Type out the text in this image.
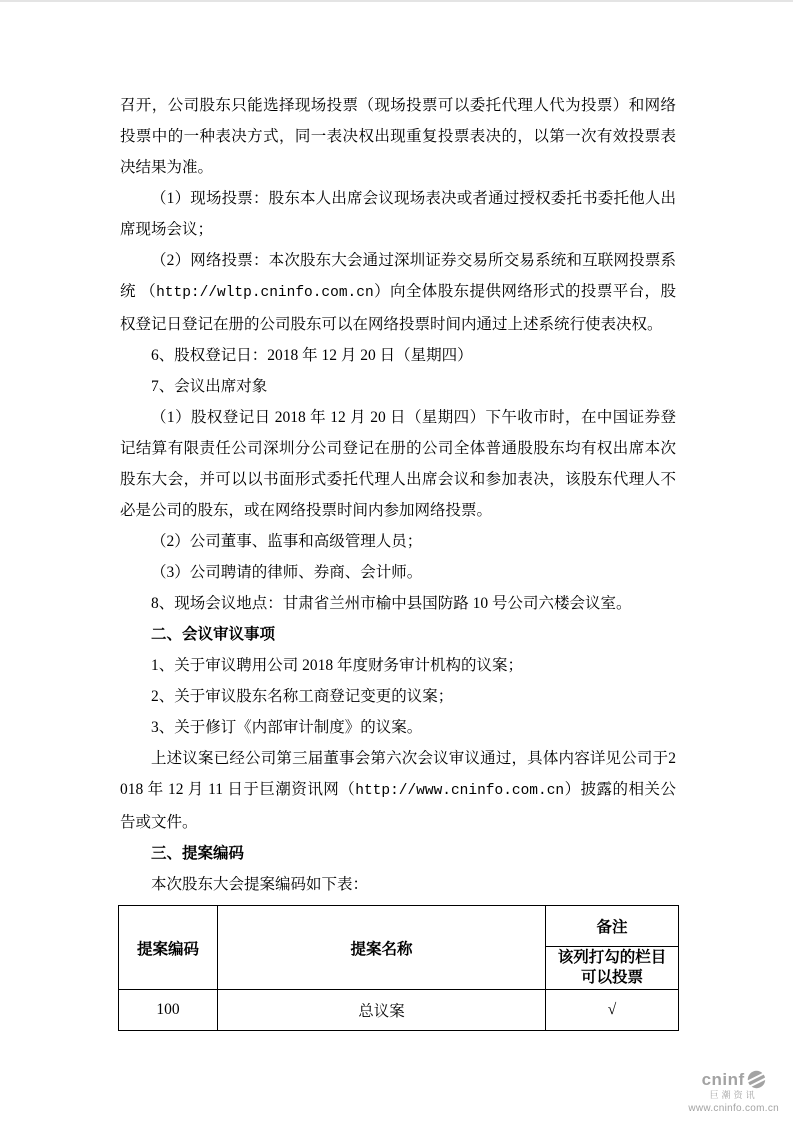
召开，公司股东只能选择现场投票（现场投票可以委托代理人代为投票）和网络投票中的一种表决方式，同一表决权出现重复投票表决的，以第一次有效投票表决结果为准。

（1）现场投票：股东本人出席会议现场表决或者通过授权委托书委托他人出席现场会议；

（2）网络投票：本次股东大会通过深圳证券交易所交易系统和互联网投票系统 （http://wltp.cninfo.com.cn）向全体股东提供网络形式的投票平台，股权登记日登记在册的公司股东可以在网络投票时间内通过上述系统行使表决权。

6、股权登记日：2018 年 12 月 20 日（星期四）

7、会议出席对象

（1）股权登记日 2018 年 12 月 20 日（星期四）下午收市时，在中国证券登记结算有限责任公司深圳分公司登记在册的公司全体普通股股东均有权出席本次股东大会，并可以以书面形式委托代理人出席会议和参加表决，该股东代理人不必是公司的股东，或在网络投票时间内参加网络投票。

（2）公司董事、监事和高级管理人员；

（3）公司聘请的律师、券商、会计师。

8、现场会议地点：甘肃省兰州市榆中县国防路 10 号公司六楼会议室。

二、会议审议事项

1、关于审议聘用公司 2018 年度财务审计机构的议案；

2、关于审议股东名称工商登记变更的议案；

3、关于修订《内部审计制度》的议案。

上述议案已经公司第三届董事会第六次会议审议通过，具体内容详见公司于2018 年 12 月 11 日于巨潮资讯网（http://www.cninfo.com.cn）披露的相关公告或文件。

三、提案编码

本次股东大会提案编码如下表：

提案编码	提案名称	备注
		该列打勾的栏目
可以投票
100	总议案	√
cninf
巨潮资讯
www.cninfo.com.cn
